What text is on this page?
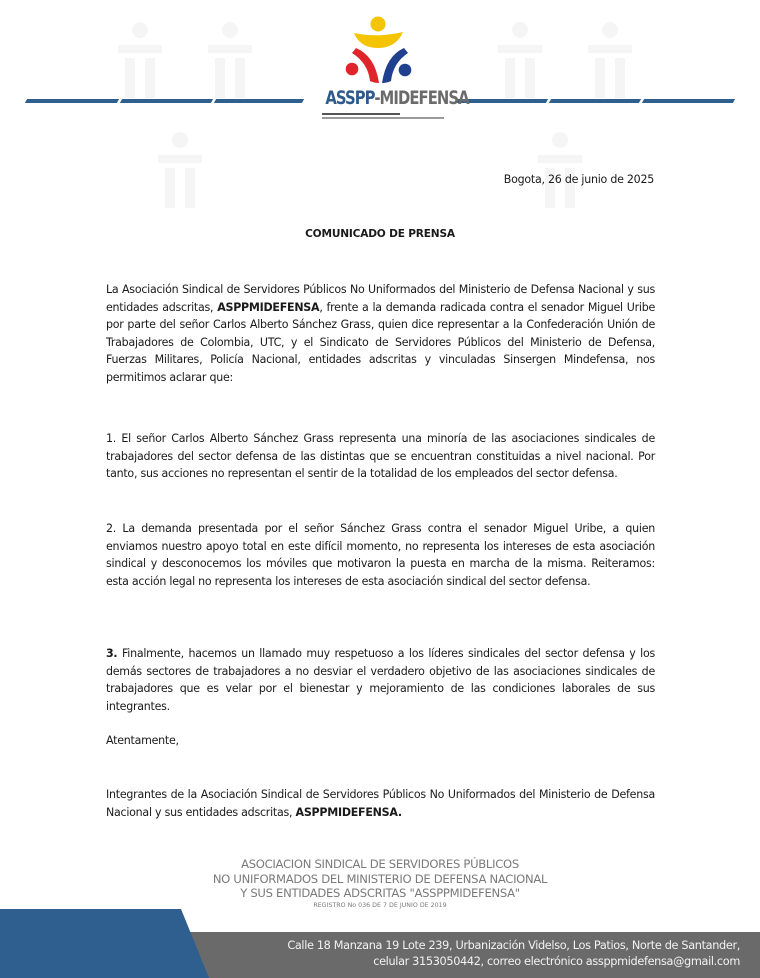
ASSPP-MIDEFENSA
Bogota, 26 de junio de 2025
COMUNICADO DE PRENSA
La Asociación Sindical de Servidores Públicos No Uniformados del Ministerio de Defensa Nacional y sus entidades adscritas, ASPPMIDEFENSA, frente a la demanda radicada contra el senador Miguel Uribe por parte del señor Carlos Alberto Sánchez Grass, quien dice representar a la Confederación Unión de Trabajadores de Colombia, UTC, y el Sindicato de Servidores Públicos del Ministerio de Defensa, Fuerzas Militares, Policía Nacional, entidades adscritas y vinculadas Sinsergen Mindefensa, nos permitimos aclarar que:
1. El señor Carlos Alberto Sánchez Grass representa una minoría de las asociaciones sindicales de trabajadores del sector defensa de las distintas que se encuentran constituidas a nivel nacional. Por tanto, sus acciones no representan el sentir de la totalidad de los empleados del sector defensa.
2. La demanda presentada por el señor Sánchez Grass contra el senador Miguel Uribe, a quien enviamos nuestro apoyo total en este difícil momento, no representa los intereses de esta asociación sindical y desconocemos los móviles que motivaron la puesta en marcha de la misma. Reiteramos: esta acción legal no representa los intereses de esta asociación sindical del sector defensa.
3. Finalmente, hacemos un llamado muy respetuoso a los líderes sindicales del sector defensa y los demás sectores de trabajadores a no desviar el verdadero objetivo de las asociaciones sindicales de trabajadores que es velar por el bienestar y mejoramiento de las condiciones laborales de sus integrantes.
Atentamente,
Integrantes de la Asociación Sindical de Servidores Públicos No Uniformados del Ministerio de Defensa Nacional y sus entidades adscritas, ASPPMIDEFENSA.
ASOCIACION SINDICAL DE SERVIDORES PÚBLICOS
NO UNIFORMADOS DEL MINISTERIO DE DEFENSA NACIONAL
Y SUS ENTIDADES ADSCRITAS "ASSPPMIDEFENSA"
REGISTRO No 036 DE 7 DE JUNIO DE 2019
Calle 18 Manzana 19 Lote 239, Urbanización Videlso, Los Patios, Norte de Santander,
celular 3153050442, correo electrónico assppmidefensa@gmail.com
